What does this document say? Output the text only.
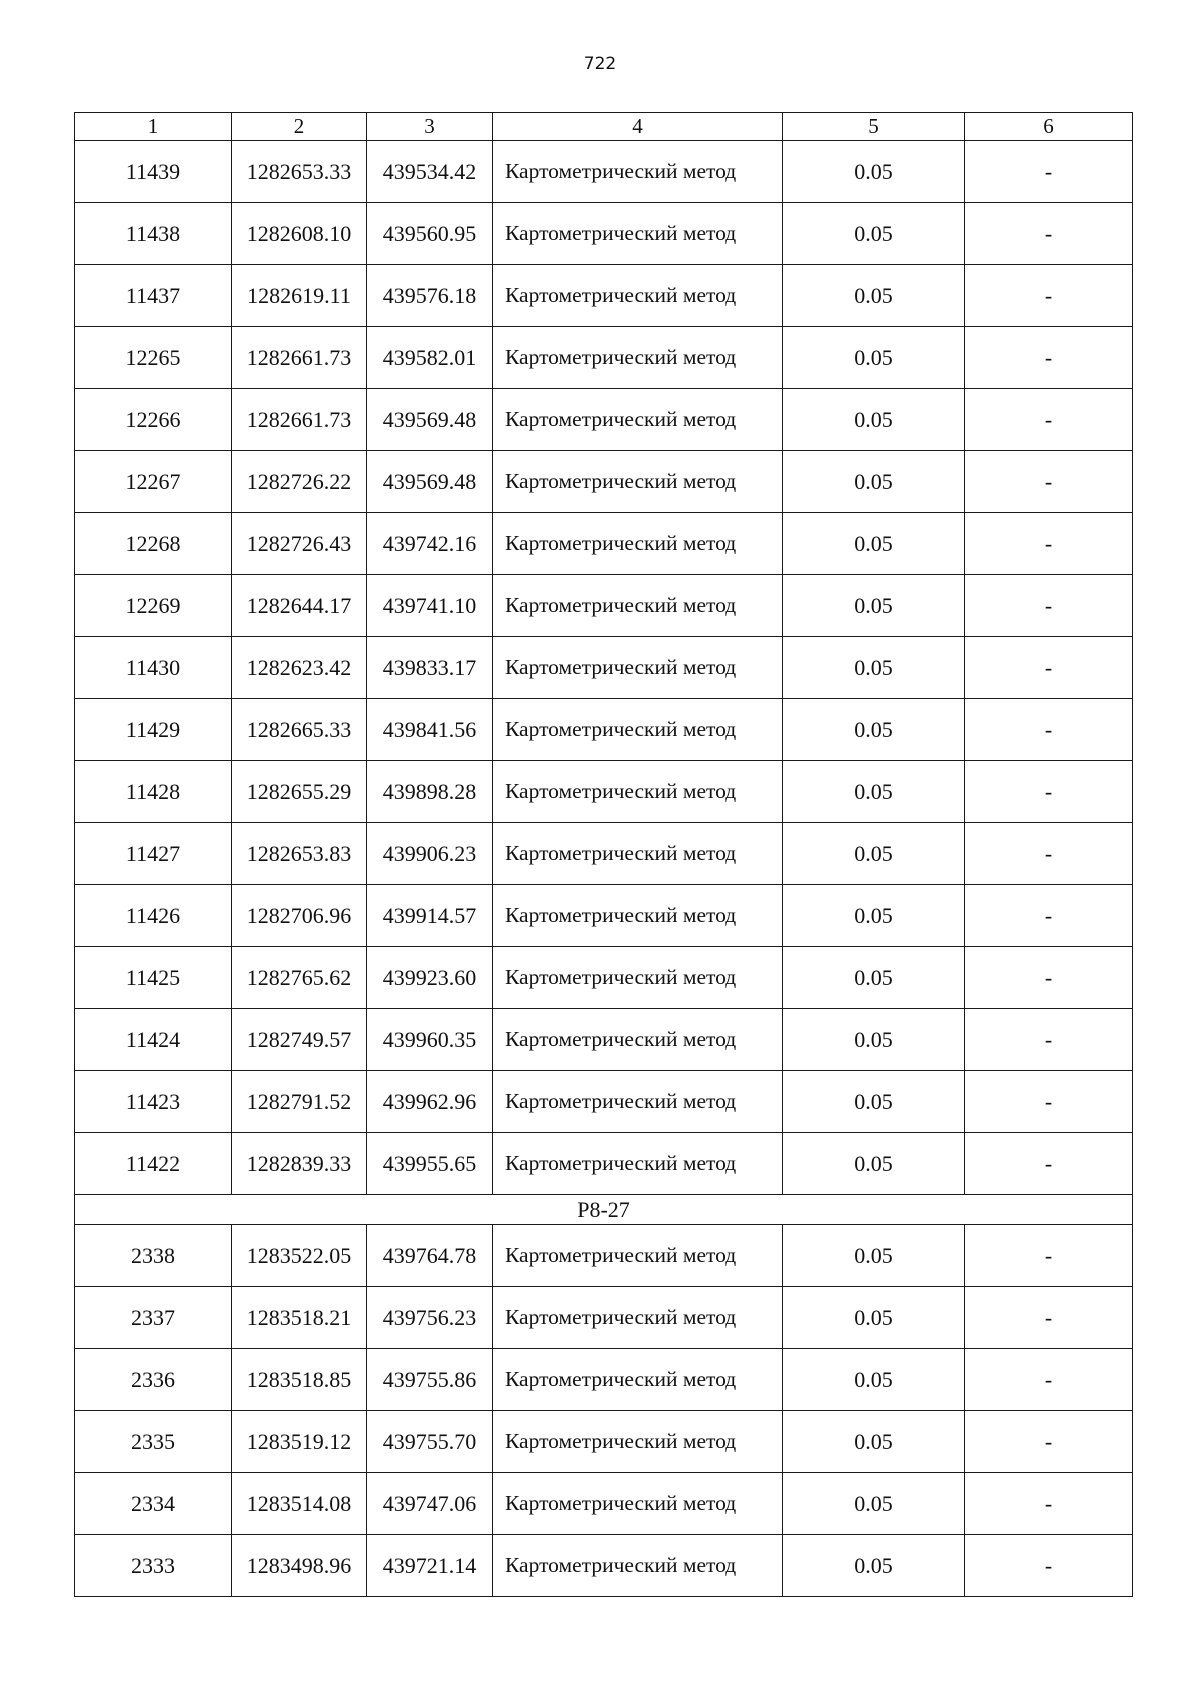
722
1	2	3	4	5	6
11439	1282653.33	439534.42	Картометрический метод	0.05	-
11438	1282608.10	439560.95	Картометрический метод	0.05	-
11437	1282619.11	439576.18	Картометрический метод	0.05	-
12265	1282661.73	439582.01	Картометрический метод	0.05	-
12266	1282661.73	439569.48	Картометрический метод	0.05	-
12267	1282726.22	439569.48	Картометрический метод	0.05	-
12268	1282726.43	439742.16	Картометрический метод	0.05	-
12269	1282644.17	439741.10	Картометрический метод	0.05	-
11430	1282623.42	439833.17	Картометрический метод	0.05	-
11429	1282665.33	439841.56	Картометрический метод	0.05	-
11428	1282655.29	439898.28	Картометрический метод	0.05	-
11427	1282653.83	439906.23	Картометрический метод	0.05	-
11426	1282706.96	439914.57	Картометрический метод	0.05	-
11425	1282765.62	439923.60	Картометрический метод	0.05	-
11424	1282749.57	439960.35	Картометрический метод	0.05	-
11423	1282791.52	439962.96	Картометрический метод	0.05	-
11422	1282839.33	439955.65	Картометрический метод	0.05	-
Р8-27					
2338	1283522.05	439764.78	Картометрический метод	0.05	-
2337	1283518.21	439756.23	Картометрический метод	0.05	-
2336	1283518.85	439755.86	Картометрический метод	0.05	-
2335	1283519.12	439755.70	Картометрический метод	0.05	-
2334	1283514.08	439747.06	Картометрический метод	0.05	-
2333	1283498.96	439721.14	Картометрический метод	0.05	-
